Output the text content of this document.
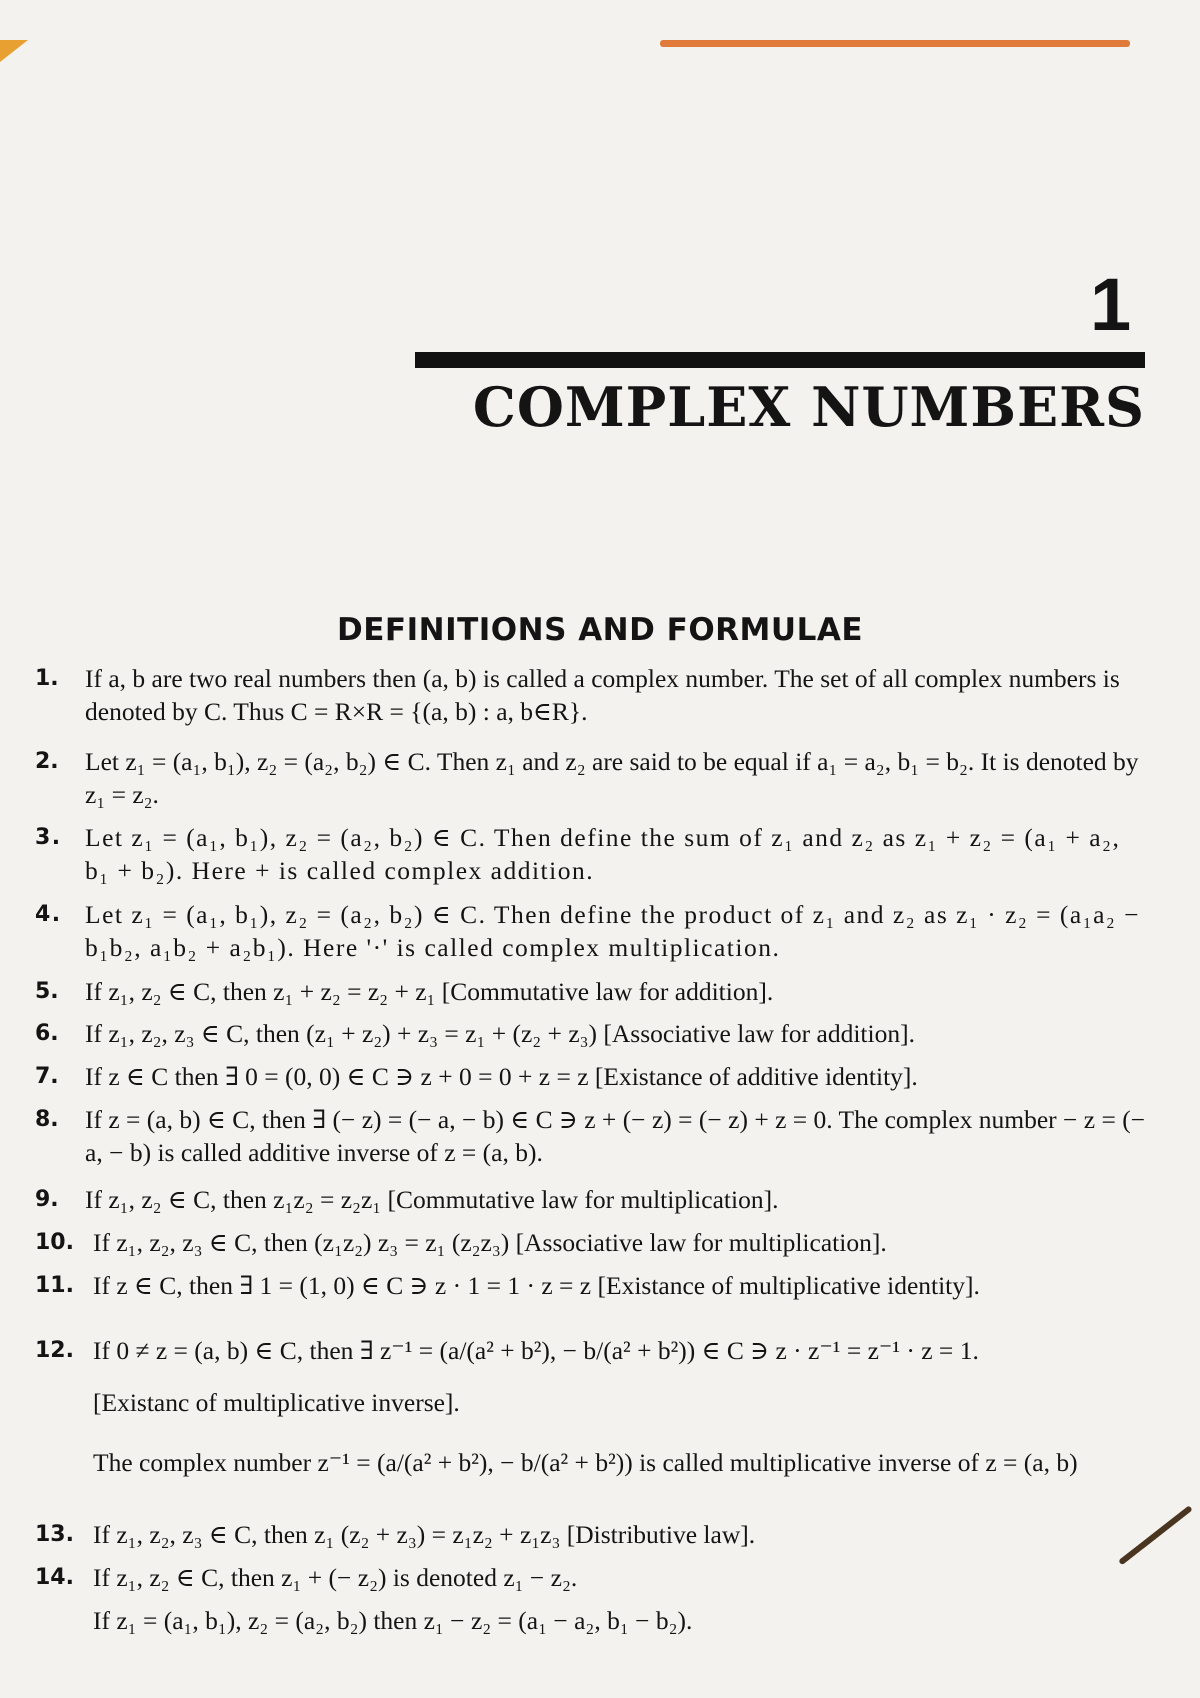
1
COMPLEX NUMBERS
DEFINITIONS AND FORMULAE
1. If a, b are two real numbers then (a, b) is called a complex number. The set of all complex numbers is denoted by C. Thus C = R×R = {(a, b) : a, b∈R}.
2. Let z₁ = (a₁, b₁), z₂ = (a₂, b₂) ∈ C. Then z₁ and z₂ are said to be equal if a₁ = a₂, b₁ = b₂. It is denoted by z₁ = z₂.
3. Let z₁ = (a₁, b₁), z₂ = (a₂, b₂) ∈ C. Then define the sum of z₁ and z₂ as z₁ + z₂ = (a₁ + a₂, b₁ + b₂). Here + is called complex addition.
4. Let z₁ = (a₁, b₁), z₂ = (a₂, b₂) ∈ C. Then define the product of z₁ and z₂ as z₁ · z₂ = (a₁a₂ − b₁b₂, a₁b₂ + a₂b₁). Here '·' is called complex multiplication.
5. If z₁, z₂ ∈ C, then z₁ + z₂ = z₂ + z₁ [Commutative law for addition].
6. If z₁, z₂, z₃ ∈ C, then (z₁ + z₂) + z₃ = z₁ + (z₂ + z₃) [Associative law for addition].
7. If z ∈ C then ∃ 0 = (0, 0) ∈ C ∋ z + 0 = 0 + z = z [Existance of additive identity].
8. If z = (a, b) ∈ C, then ∃ (− z) = (− a, − b) ∈ C ∋ z + (− z) = (− z) + z = 0. The complex number − z = (− a, − b) is called additive inverse of z = (a, b).
9. If z₁, z₂ ∈ C, then z₁z₂ = z₂z₁ [Commutative law for multiplication].
10. If z₁, z₂, z₃ ∈ C, then (z₁z₂) z₃ = z₁ (z₂z₃) [Associative law for multiplication].
11. If z ∈ C, then ∃ 1 = (1, 0) ∈ C ∋ z · 1 = 1 · z = z [Existance of multiplicative identity].
12. If 0 ≠ z = (a, b) ∈ C, then ∃ z⁻¹ = (a/(a² + b²), − b/(a² + b²)) ∈ C ∋ z · z⁻¹ = z⁻¹ · z = 1.
[Existanc of multiplicative inverse].
The complex number z⁻¹ = (a/(a² + b²), − b/(a² + b²)) is called multiplicative inverse of z = (a, b)
13. If z₁, z₂, z₃ ∈ C, then z₁ (z₂ + z₃) = z₁z₂ + z₁z₃ [Distributive law].
14. If z₁, z₂ ∈ C, then z₁ + (− z₂) is denoted z₁ − z₂.
If z₁ = (a₁, b₁), z₂ = (a₂, b₂) then z₁ − z₂ = (a₁ − a₂, b₁ − b₂).
